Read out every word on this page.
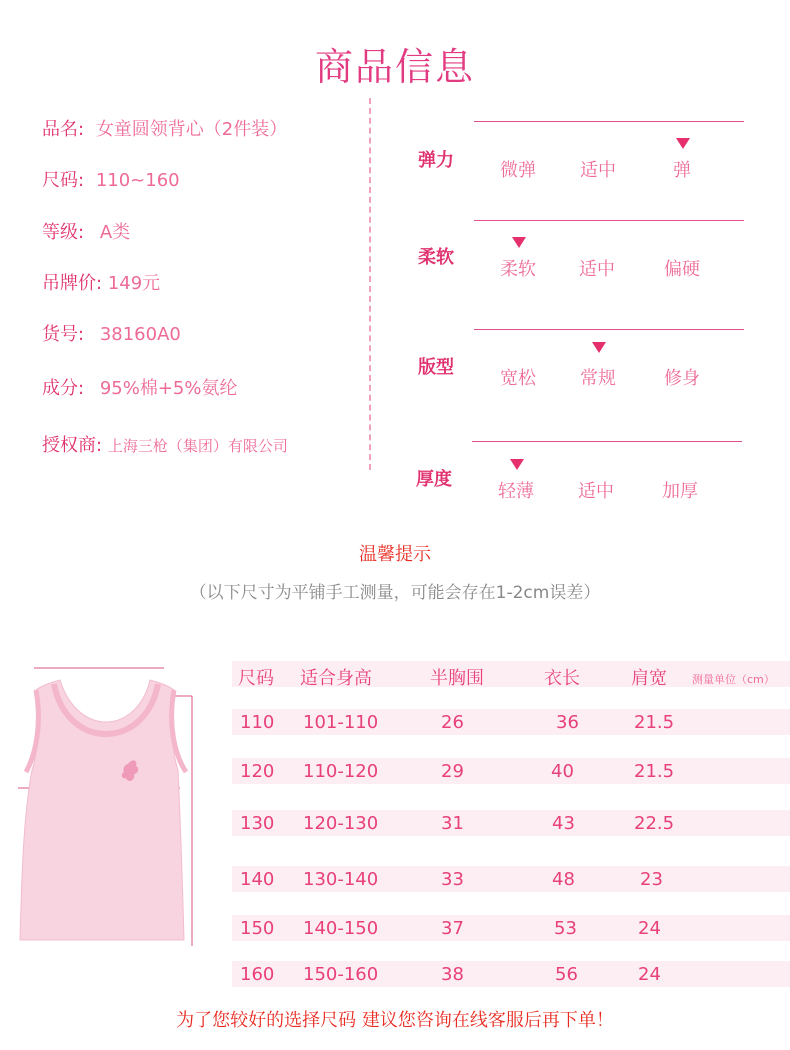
商品信息
品名: 女童圆领背心（2件装）
尺码: 110~160
等级: A类
吊牌价: 149元
货号: 38160A0
成分: 95%棉+5%氨纶
授权商: 上海三枪（集团）有限公司
弹力	微弹 适中	弹
柔软
柔软 适中	偏硬
版型
宽松 常规	修身
厚度
轻薄 适中	加厚
温馨提示
（以下尺寸为平铺手工测量，可能会存在1-2cm误差）
尺码 适合身高	半胸围	衣长	肩宽 测量单位（cm）
110 101-110	26	36	21.5
120 110-120	29	40	21.5
130 120-130	31	43	22.5
140 130-140	33	48	23
150 140-150	37	53	24
160 150-160	38	56	24
为了您较好的选择尺码 建议您咨询在线客服后再下单！
